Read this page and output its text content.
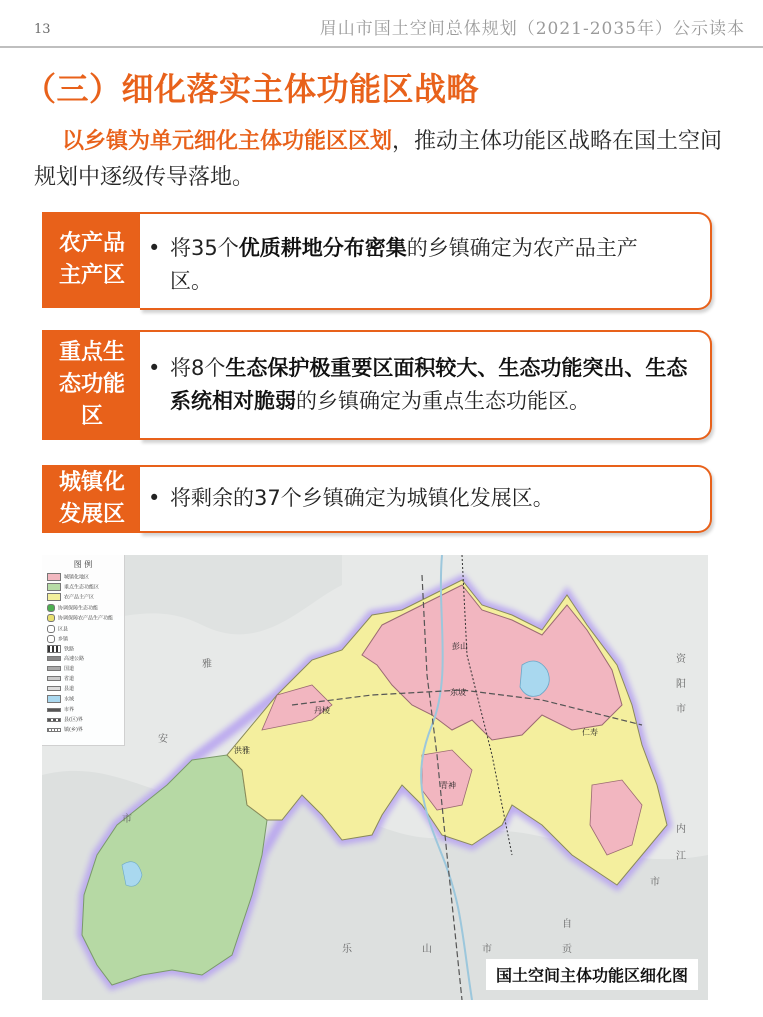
13	眉山市国土空间总体规划（2021-2035年）公示读本
（三）细化落实主体功能区战略
以乡镇为单元细化主体功能区区划，推动主体功能区战略在国土空间规划中逐级传导落地。
农产品主产区
• 将35个优质耕地分布密集的乡镇确定为农产品主产区。
重点生态功能区
• 将8个生态保护极重要区面积较大、生态功能突出、生态系统相对脆弱的乡镇确定为重点生态功能区。
城镇化发展区
• 将剩余的37个乡镇确定为城镇化发展区。
图 例
城镇化地区
重点生态功能区
农产品主产区
协调保障生态功能
协调保障农产品生产功能
区县
乡镇
铁路
高速公路
国道
省道
县道
水域
市界
县(区)界
镇(乡)界
彭山
东坡
仁寿
青神
洪雅
丹棱
雅
安
市
乐	山	市
自
贡
内
江
市
资
阳
市
国土空间主体功能区细化图
